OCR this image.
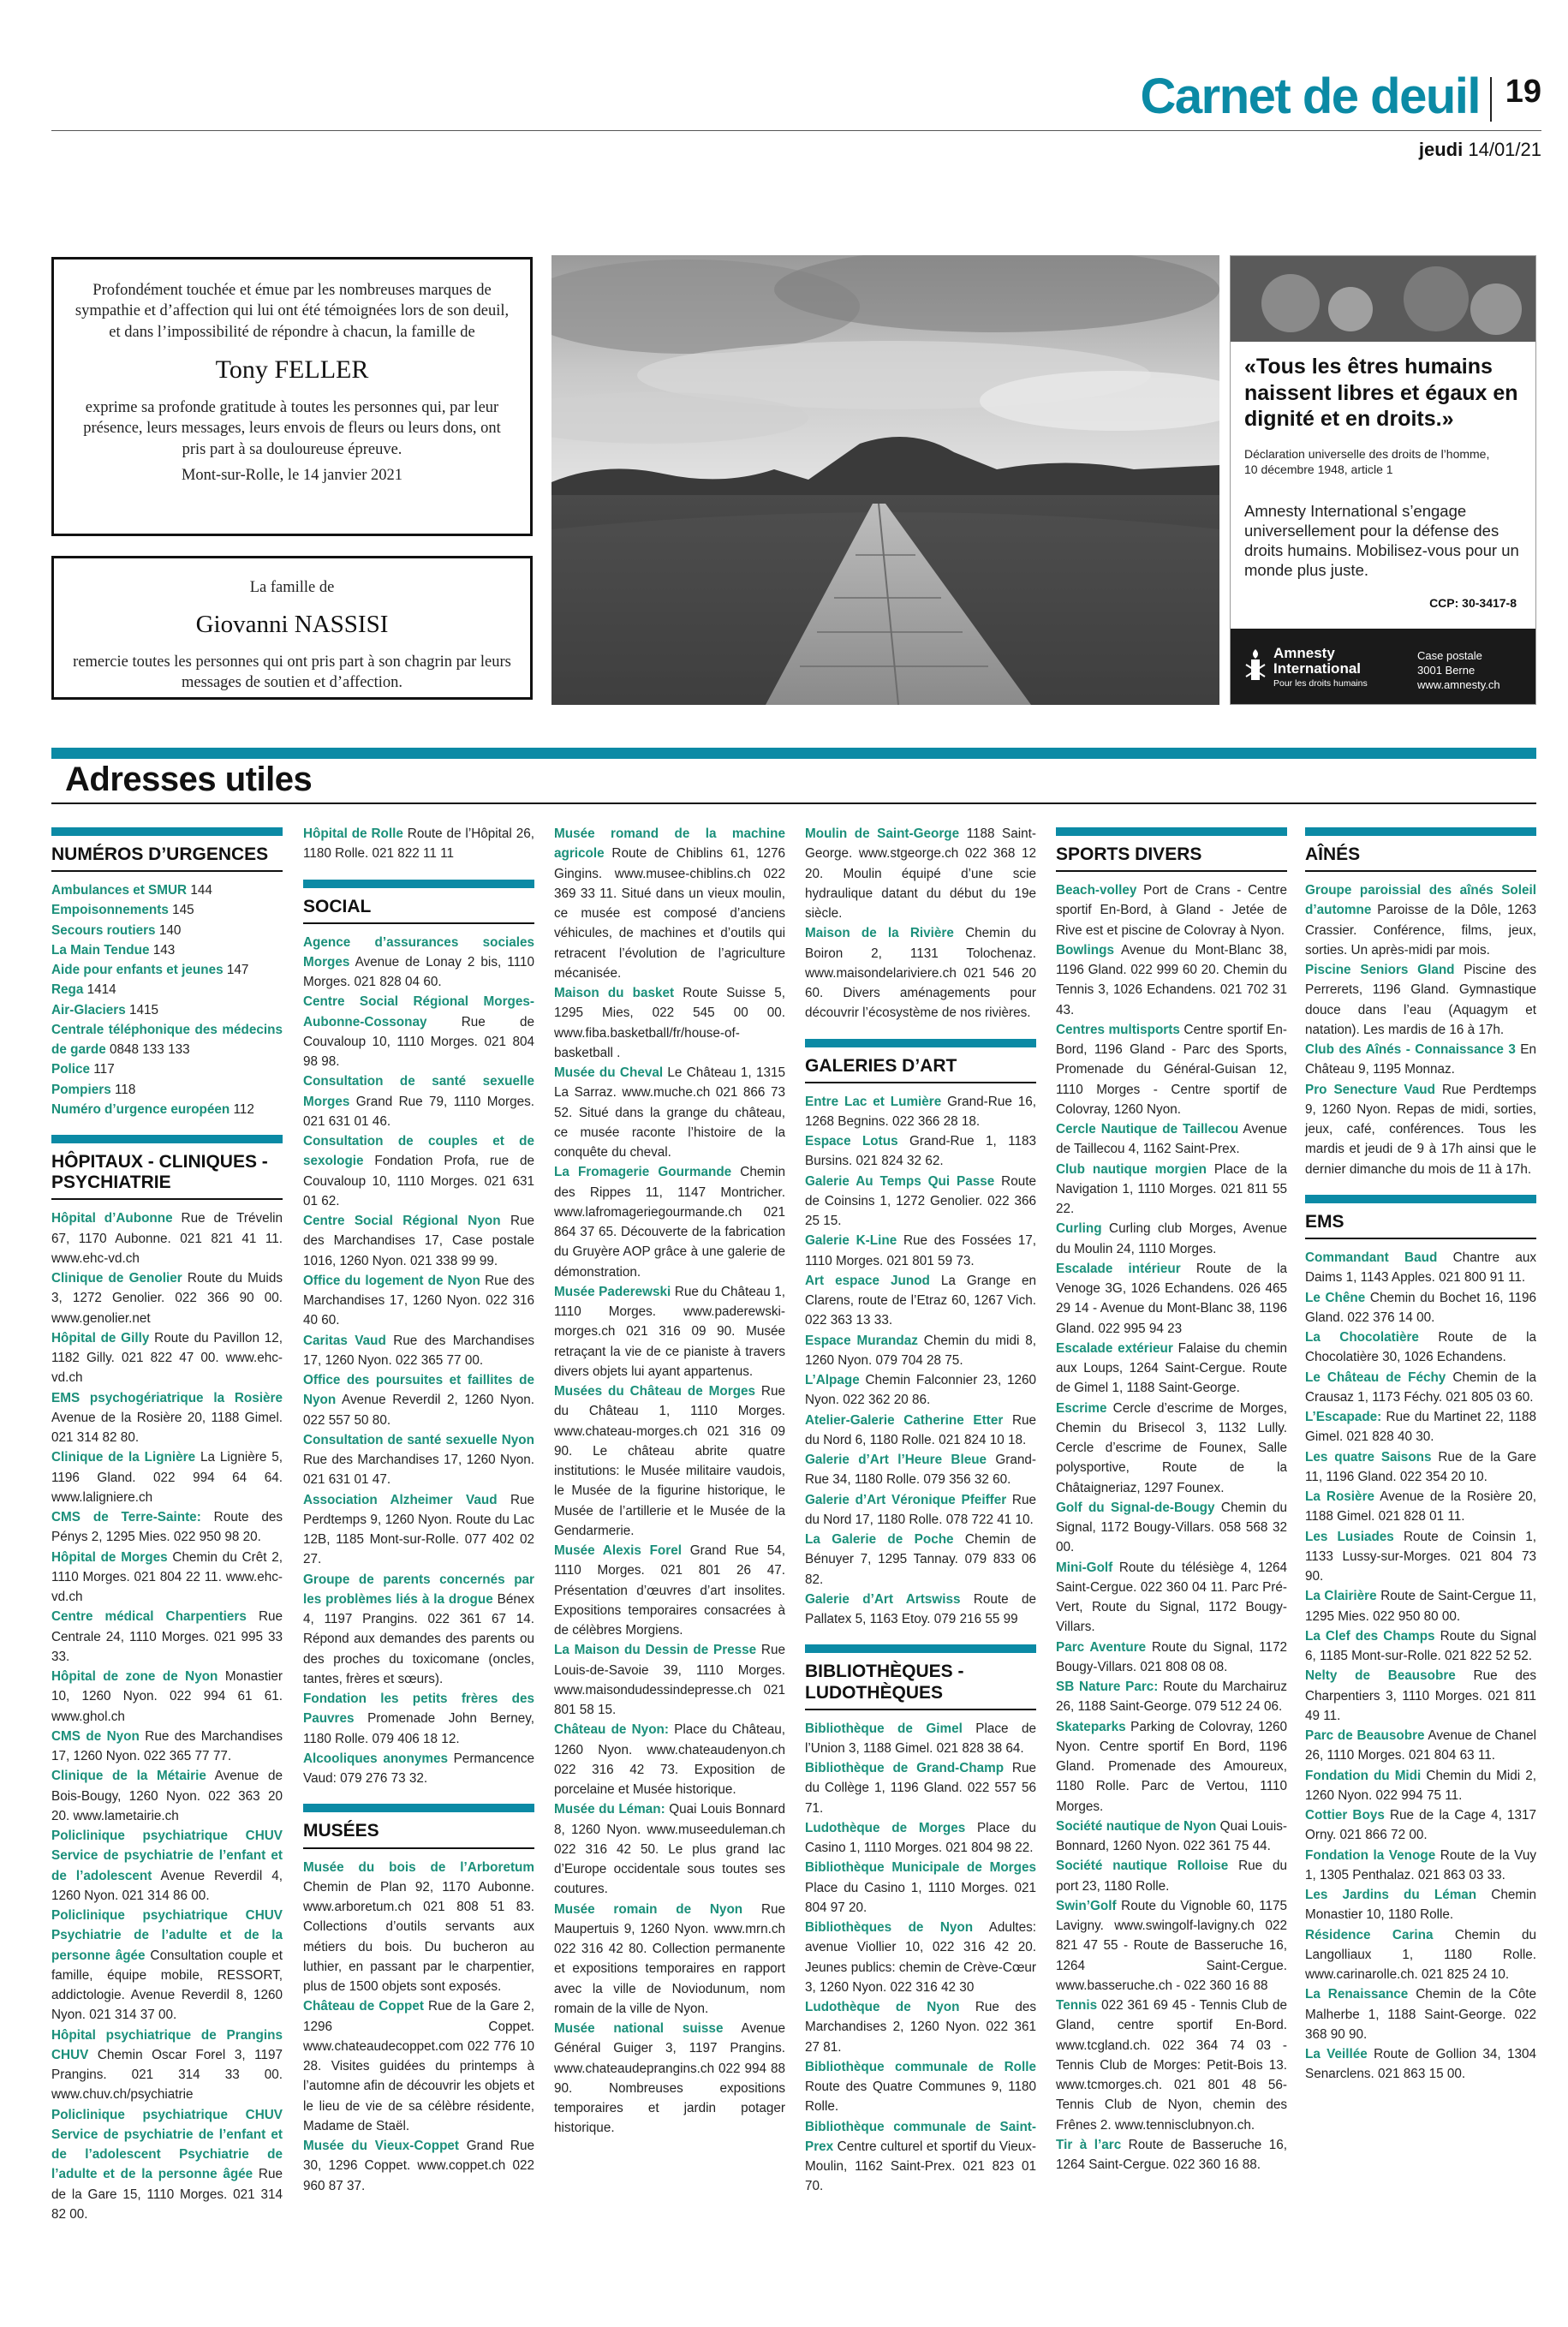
Carnet de deuil 19
jeudi 14/01/21
Profondément touchée et émue par les nombreuses marques de sympathie et d’affection qui lui ont été témoignées lors de son deuil, et dans l’impossibilité de répondre à chacun, la famille de
Tony FELLER
exprime sa profonde gratitude à toutes les personnes qui, par leur présence, leurs messages, leurs envois de fleurs ou leurs dons, ont pris part à sa douloureuse épreuve.
Mont-sur-Rolle, le 14 janvier 2021
La famille de
Giovanni NASSISI
remercie toutes les personnes qui ont pris part à son chagrin par leurs messages de soutien et d’affection.
«Tous les êtres humains naissent libres et égaux en dignité et en droits.»
Déclaration universelle des droits de l’homme, 10 décembre 1948, article 1
Amnesty International s’engage universellement pour la défense des droits humains. Mobilisez-vous pour un monde plus juste.
CCP: 30-3417-8
Amnesty International
Pour les droits humains
Case postale
3001 Berne
www.amnesty.ch
Adresses utiles
NUMÉROS D’URGENCES
Ambulances et SMUR 144
Empoisonnements 145
Secours routiers 140
La Main Tendue 143
Aide pour enfants et jeunes 147
Rega 1414
Air-Glaciers 1415
Centrale téléphonique des médecins de garde 0848 133 133
Police 117
Pompiers 118
Numéro d’urgence européen 112
HÔPITAUX - CLINIQUES - PSYCHIATRIE
Hôpital d’Aubonne Rue de Trévelin 67, 1170 Aubonne. 021 821 41 11. www.ehc-vd.ch
Clinique de Genolier Route du Muids 3, 1272 Genolier. 022 366 90 00. www.genolier.net
Hôpital de Gilly Route du Pavillon 12, 1182 Gilly. 021 822 47 00. www.ehc-vd.ch
EMS psychogériatrique la Rosière Avenue de la Rosière 20, 1188 Gimel. 021 314 82 80.
Clinique de la Lignière La Lignière 5, 1196 Gland. 022 994 64 64. www.laligniere.ch
CMS de Terre-Sainte: Route des Pénys 2, 1295 Mies. 022 950 98 20.
Hôpital de Morges Chemin du Crêt 2, 1110 Morges. 021 804 22 11. www.ehc-vd.ch
Centre médical Charpentiers Rue Centrale 24, 1110 Morges. 021 995 33 33.
Hôpital de zone de Nyon Monastier 10, 1260 Nyon. 022 994 61 61. www.ghol.ch
CMS de Nyon Rue des Marchandises 17, 1260 Nyon. 022 365 77 77.
Clinique de la Métairie Avenue de Bois-Bougy, 1260 Nyon. 022 363 20 20. www.lametairie.ch
Policlinique psychiatrique CHUV Service de psychiatrie de l’enfant et de l’adolescent Avenue Reverdil 4, 1260 Nyon. 021 314 86 00.
Policlinique psychiatrique CHUV Psychiatrie de l’adulte et de la personne âgée Consultation couple et famille, équipe mobile, RESSORT, addictologie. Avenue Reverdil 8, 1260 Nyon. 021 314 37 00.
Hôpital psychiatrique de Prangins CHUV Chemin Oscar Forel 3, 1197 Prangins. 021 314 33 00. www.chuv.ch/psychiatrie
Policlinique psychiatrique CHUV Service de psychiatrie de l’enfant et de l’adolescent Psychiatrie de l’adulte et de la personne âgée Rue de la Gare 15, 1110 Morges. 021 314 82 00.
Hôpital de Rolle Route de l’Hôpital 26, 1180 Rolle. 021 822 11 11
SOCIAL
Agence d’assurances sociales Morges Avenue de Lonay 2 bis, 1110 Morges. 021 828 04 60.
Centre Social Régional Morges-Aubonne-Cossonay Rue de Couvaloup 10, 1110 Morges. 021 804 98 98.
Consultation de santé sexuelle Morges Grand Rue 79, 1110 Morges. 021 631 01 46.
Consultation de couples et de sexologie Fondation Profa, rue de Couvaloup 10, 1110 Morges. 021 631 01 62.
Centre Social Régional Nyon Rue des Marchandises 17, Case postale 1016, 1260 Nyon. 021 338 99 99.
Office du logement de Nyon Rue des Marchandises 17, 1260 Nyon. 022 316 40 60.
Caritas Vaud Rue des Marchandises 17, 1260 Nyon. 022 365 77 00.
Office des poursuites et faillites de Nyon Avenue Reverdil 2, 1260 Nyon. 022 557 50 80.
Consultation de santé sexuelle Nyon Rue des Marchandises 17, 1260 Nyon. 021 631 01 47.
Association Alzheimer Vaud Rue Perdtemps 9, 1260 Nyon. Route du Lac 12B, 1185 Mont-sur-Rolle. 077 402 02 27.
Groupe de parents concernés par les problèmes liés à la drogue Bénex 4, 1197 Prangins. 022 361 67 14. Répond aux demandes des parents ou des proches du toxicomane (oncles, tantes, frères et sœurs).
Fondation les petits frères des Pauvres Promenade John Berney, 1180 Rolle. 079 406 18 12.
Alcooliques anonymes Permancence Vaud: 079 276 73 32.
MUSÉES
Musée du bois de l’Arboretum Chemin de Plan 92, 1170 Aubonne. www.arboretum.ch 021 808 51 83. Collections d’outils servants aux métiers du bois. Du bucheron au luthier, en passant par le charpentier, plus de 1500 objets sont exposés.
Château de Coppet Rue de la Gare 2, 1296 Coppet. www.chateaudecoppet.com 022 776 10 28. Visites guidées du printemps à l’automne afin de découvrir les objets et le lieu de vie de sa célèbre résidente, Madame de Staël.
Musée du Vieux-Coppet Grand Rue 30, 1296 Coppet. www.coppet.ch 022 960 87 37.
Musée romand de la machine agricole Route de Chiblins 61, 1276 Gingins. www.musee-chiblins.ch 022 369 33 11. Situé dans un vieux moulin, ce musée est composé d’anciens véhicules, de machines et d’outils qui retracent l’évolution de l’agriculture mécanisée.
Maison du basket Route Suisse 5, 1295 Mies, 022 545 00 00. www.fiba.basketball/fr/house-of-basketball .
Musée du Cheval Le Château 1, 1315 La Sarraz. www.muche.ch 021 866 73 52. Situé dans la grange du château, ce musée raconte l’histoire de la conquête du cheval.
La Fromagerie Gourmande Chemin des Rippes 11, 1147 Montricher. www.lafromageriegourmande.ch 021 864 37 65. Découverte de la fabrication du Gruyère AOP grâce à une galerie de démonstration.
Musée Paderewski Rue du Château 1, 1110 Morges. www.paderewski-morges.ch 021 316 09 90. Musée retraçant la vie de ce pianiste à travers divers objets lui ayant appartenus.
Musées du Château de Morges Rue du Château 1, 1110 Morges. www.chateau-morges.ch 021 316 09 90. Le château abrite quatre institutions: le Musée militaire vaudois, le Musée de la figurine historique, le Musée de l’artillerie et le Musée de la Gendarmerie.
Musée Alexis Forel Grand Rue 54, 1110 Morges. 021 801 26 47. Présentation d’œuvres d’art insolites. Expositions temporaires consacrées à de célèbres Morgiens.
La Maison du Dessin de Presse Rue Louis-de-Savoie 39, 1110 Morges. www.maisondudessindepresse.ch 021 801 58 15.
Château de Nyon: Place du Château, 1260 Nyon. www.chateaudenyon.ch 022 316 42 73. Exposition de porcelaine et Musée historique.
Musée du Léman: Quai Louis Bonnard 8, 1260 Nyon. www.museeduleman.ch 022 316 42 50. Le plus grand lac d’Europe occidentale sous toutes ses coutures.
Musée romain de Nyon Rue Maupertuis 9, 1260 Nyon. www.mrn.ch 022 316 42 80. Collection permanente et expositions temporaires en rapport avec la ville de Noviodunum, nom romain de la ville de Nyon.
Musée national suisse Avenue Général Guiger 3, 1197 Prangins. www.chateaudeprangins.ch 022 994 88 90. Nombreuses expositions temporaires et jardin potager historique.
Moulin de Saint-George 1188 Saint-George. www.stgeorge.ch 022 368 12 20. Moulin équipé d’une scie hydraulique datant du début du 19e siècle.
Maison de la Rivière Chemin du Boiron 2, 1131 Tolochenaz. www.maisondelariviere.ch 021 546 20 60. Divers aménagements pour découvrir l’écosystème de nos rivières.
GALERIES D’ART
Entre Lac et Lumière Grand-Rue 16, 1268 Begnins. 022 366 28 18.
Espace Lotus Grand-Rue 1, 1183 Bursins. 021 824 32 62.
Galerie Au Temps Qui Passe Route de Coinsins 1, 1272 Genolier. 022 366 25 15.
Galerie K-Line Rue des Fossées 17, 1110 Morges. 021 801 59 73.
Art espace Junod La Grange en Clarens, route de l’Etraz 60, 1267 Vich. 022 363 13 33.
Espace Murandaz Chemin du midi 8, 1260 Nyon. 079 704 28 75.
L’Alpage Chemin Falconnier 23, 1260 Nyon. 022 362 20 86.
Atelier-Galerie Catherine Etter Rue du Nord 6, 1180 Rolle. 021 824 10 18.
Galerie d’Art l’Heure Bleue Grand-Rue 34, 1180 Rolle. 079 356 32 60.
Galerie d’Art Véronique Pfeiffer Rue du Nord 17, 1180 Rolle. 078 722 41 10.
La Galerie de Poche Chemin de Bénuyer 7, 1295 Tannay. 079 833 06 82.
Galerie d’Art Artswiss Route de Pallatex 5, 1163 Etoy. 079 216 55 99
BIBLIOTHÈQUES - LUDOTHÈQUES
Bibliothèque de Gimel Place de l’Union 3, 1188 Gimel. 021 828 38 64.
Bibliothèque de Grand-Champ Rue du Collège 1, 1196 Gland. 022 557 56 71.
Ludothèque de Morges Place du Casino 1, 1110 Morges. 021 804 98 22.
Bibliothèque Municipale de Morges Place du Casino 1, 1110 Morges. 021 804 97 20.
Bibliothèques de Nyon Adultes: avenue Viollier 10, 022 316 42 20. Jeunes publics: chemin de Crève-Cœur 3, 1260 Nyon. 022 316 42 30
Ludothèque de Nyon Rue des Marchandises 2, 1260 Nyon. 022 361 27 81.
Bibliothèque communale de Rolle Route des Quatre Communes 9, 1180 Rolle.
Bibliothèque communale de Saint-Prex Centre culturel et sportif du Vieux-Moulin, 1162 Saint-Prex. 021 823 01 70.
SPORTS DIVERS
Beach-volley Port de Crans - Centre sportif En-Bord, à Gland - Jetée de Rive est et piscine de Colovray à Nyon.
Bowlings Avenue du Mont-Blanc 38, 1196 Gland. 022 999 60 20. Chemin du Tennis 3, 1026 Echandens. 021 702 31 43.
Centres multisports Centre sportif En-Bord, 1196 Gland - Parc des Sports, Promenade du Général-Guisan 12, 1110 Morges - Centre sportif de Colovray, 1260 Nyon.
Cercle Nautique de Taillecou Avenue de Taillecou 4, 1162 Saint-Prex.
Club nautique morgien Place de la Navigation 1, 1110 Morges. 021 811 55 22.
Curling Curling club Morges, Avenue du Moulin 24, 1110 Morges.
Escalade intérieur Route de la Venoge 3G, 1026 Echandens. 026 465 29 14 - Avenue du Mont-Blanc 38, 1196 Gland. 022 995 94 23
Escalade extérieur Falaise du chemin aux Loups, 1264 Saint-Cergue. Route de Gimel 1, 1188 Saint-George.
Escrime Cercle d’escrime de Morges, Chemin du Brisecol 3, 1132 Lully. Cercle d’escrime de Founex, Salle polysportive, Route de la Châtaigneriaz, 1297 Founex.
Golf du Signal-de-Bougy Chemin du Signal, 1172 Bougy-Villars. 058 568 32 00.
Mini-Golf Route du télésiège 4, 1264 Saint-Cergue. 022 360 04 11. Parc Pré-Vert, Route du Signal, 1172 Bougy-Villars.
Parc Aventure Route du Signal, 1172 Bougy-Villars. 021 808 08 08.
SB Nature Parc: Route du Marchairuz 26, 1188 Saint-George. 079 512 24 06.
Skateparks Parking de Colovray, 1260 Nyon. Centre sportif En Bord, 1196 Gland. Promenade des Amoureux, 1180 Rolle. Parc de Vertou, 1110 Morges.
Société nautique de Nyon Quai Louis-Bonnard, 1260 Nyon. 022 361 75 44.
Société nautique Rolloise Rue du port 23, 1180 Rolle.
Swin’Golf Route du Vignoble 60, 1175 Lavigny. www.swingolf-lavigny.ch 022 821 47 55 - Route de Basseruche 16, 1264 Saint-Cergue. www.basseruche.ch - 022 360 16 88
Tennis 022 361 69 45 - Tennis Club de Gland, centre sportif En-Bord. www.tcgland.ch. 022 364 74 03 - Tennis Club de Morges: Petit-Bois 13. www.tcmorges.ch. 021 801 48 56- Tennis Club de Nyon, chemin des Frênes 2. www.tennisclubnyon.ch.
Tir à l’arc Route de Basseruche 16, 1264 Saint-Cergue. 022 360 16 88.
AÎNÉS
Groupe paroissial des aînés Soleil d’automne Paroisse de la Dôle, 1263 Crassier. Conférence, films, jeux, sorties. Un après-midi par mois.
Piscine Seniors Gland Piscine des Perrerets, 1196 Gland. Gymnastique douce dans l’eau (Aquagym et natation). Les mardis de 16 à 17h.
Club des Aînés - Connaissance 3 En Château 9, 1195 Monnaz.
Pro Senecture Vaud Rue Perdtemps 9, 1260 Nyon. Repas de midi, sorties, jeux, café, conférences. Tous les mardis et jeudi de 9 à 17h ainsi que le dernier dimanche du mois de 11 à 17h.
EMS
Commandant Baud Chantre aux Daims 1, 1143 Apples. 021 800 91 11.
Le Chêne Chemin du Bochet 16, 1196 Gland. 022 376 14 00.
La Chocolatière Route de la Chocolatière 30, 1026 Echandens.
Le Château de Féchy Chemin de la Crausaz 1, 1173 Féchy. 021 805 03 60.
L’Escapade: Rue du Martinet 22, 1188 Gimel. 021 828 40 30.
Les quatre Saisons Rue de la Gare 11, 1196 Gland. 022 354 20 10.
La Rosière Avenue de la Rosière 20, 1188 Gimel. 021 828 01 11.
Les Lusiades Route de Coinsin 1, 1133 Lussy-sur-Morges. 021 804 73 90.
La Clairière Route de Saint-Cergue 11, 1295 Mies. 022 950 80 00.
La Clef des Champs Route du Signal 6, 1185 Mont-sur-Rolle. 021 822 52 52.
Nelty de Beausobre Rue des Charpentiers 3, 1110 Morges. 021 811 49 11.
Parc de Beausobre Avenue de Chanel 26, 1110 Morges. 021 804 63 11.
Fondation du Midi Chemin du Midi 2, 1260 Nyon. 022 994 75 11.
Cottier Boys Rue de la Cage 4, 1317 Orny. 021 866 72 00.
Fondation la Venoge Route de la Vuy 1, 1305 Penthalaz. 021 863 03 33.
Les Jardins du Léman Chemin Monastier 10, 1180 Rolle.
Résidence Carina Chemin du Langolliaux 1, 1180 Rolle. www.carinarolle.ch. 021 825 24 10.
La Renaissance Chemin de la Côte Malherbe 1, 1188 Saint-George. 022 368 90 90.
La Veillée Route de Gollion 34, 1304 Senarclens. 021 863 15 00.
